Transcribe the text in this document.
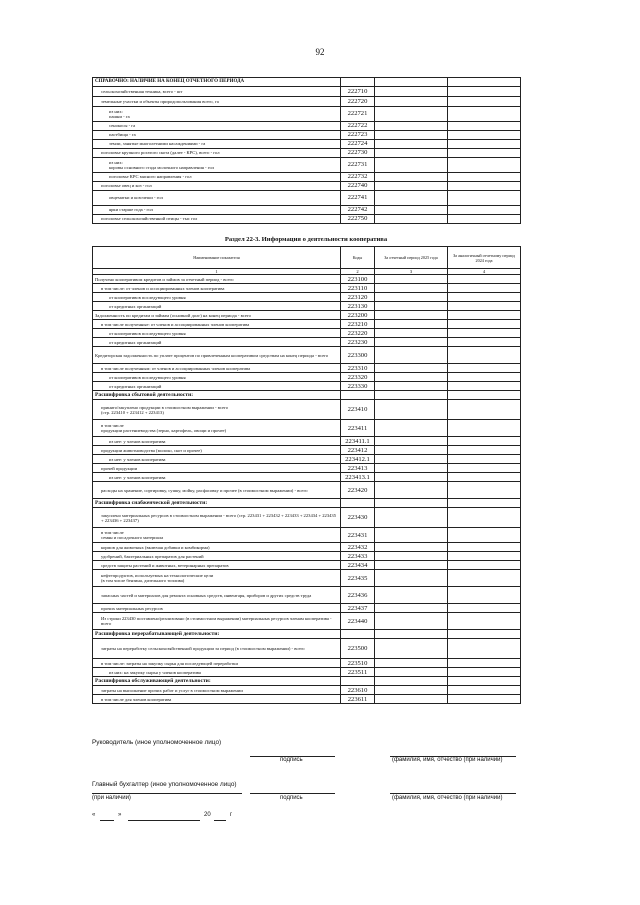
92
СПРАВОЧНО: НАЛИЧИЕ НА КОНЕЦ ОТЧЕТНОГО ПЕРИОДА			
сельскохозяйственная техника, всего - шт	222710		
земельные участки и объекты природопользования всего, га	222720		
из них:
пашни - га	222721		
сенокосы - га	222722		
пастбища - га	222723		
земли, занятые многолетними насаждениями - га	222724		
поголовье крупного рогатого скота (далее - КРС), всего - гол	222730		
из них:
коровы основного стада молочного направления - гол	222731		
поголовье КРС мясного направления - гол	222732		
поголовье овец и коз - гол	222740		
овцематки и козочеши - гол	222741		
ярки старше года - гол	222742		
поголовье сельскохозяйственной птицы - тыс гол	222750		
Раздел 22-3. Информация о деятельности кооператива
Наименование показателя	Коды	За отчетный период 2025 года	За аналогичный отчетному период 2024 года
1	2	3	4
Получено кооперативом кредитов и займов за отчетный период - всего	223100		
в том числе: от членов и ассоциированных членов кооператива	223110		
от кооперативов последующего уровня	223120		
от кредитных организаций	223130		
Задолженность по кредитам и займам (основной долг) на конец периода - всего	223200		
в том числе полученные: от членов и ассоциированных членов кооператива	223210		
от кооперативов последующего уровня	223220		
от кредитных организаций	223230		
Кредиторская задолженность по уплате процентов по привлеченным кооперативом средствам на конец периода - всего	223300		
в том числе полученным: от членов и ассоциированных членов кооператива	223310		
от кооперативов последующего уровня	223320		
от кредитных организаций	223330		
Расшифровка сбытовой деятельности:			
принято/закуплено продукции в стоимостном выражении - всего
(стр. 223410 + 223412 + 223413)	223410		
в том числе
продукции растениеводства (зерно, картофель, овощи и прочее)	223411		
из нее: у членов кооператива	223411.1		
продукции животноводства (молоко, скот и прочее)	223412		
из нее: у членов кооператива	223412.1		
прочей продукции	223413		
из нее: у членов кооператива	223413.1		
расходы на хранение, сортировку, сушку, мойку, расфасовку и прочее (в стоимостном выражении) - всего	223420		
Расшифровка снабженческой деятельности:			
закуплено материальных ресурсов в стоимостном выражении - всего (стр. 223431 + 223432 + 223433 + 223434 + 223435 + 223436 + 223437)	223430		
в том числе
семян и посадочного материала	223431		
кормов для животных (включая добавки и комбикорма)	223432		
удобрений, бактериальных препаратов для растений	223433		
средств защиты растений и животных, ветеринарных препаратов	223434		
нефтепродуктов, используемых на технологические цели
(в том числе бензина, дизельного топлива)	223435		
запасных частей и материалов для ремонта основных средств, инвентаря, приборов и других средств труда	223436		
прочих материальных ресурсов	223437		
Из строки 223430 поставлено/реализовано (в стоимостном выражении) материальных ресурсов членам кооператива - всего	223440		
Расшифровка перерабатывающей деятельности:			
затраты на переработку сельскохозяйственной продукции за период (в стоимостном выражении) - всего	223500		
в том числе: затраты на закупку сырья для последующей переработки	223510		
из них: на закупку сырья у членов кооператива	223511		
Расшифровка обслуживающей деятельности:			
затраты на выполнение прочих работ и услуг в стоимостном выражении	223610		
в том числе для членов кооператива	223611		
Руководитель (иное уполномоченное лицо)
подпись	(фамилия, имя, отчество (при наличии)
Главный бухгалтер (иное уполномоченное лицо)
(при наличии)	подпись	(фамилия, имя, отчество (при наличии)
«	»	20	г
